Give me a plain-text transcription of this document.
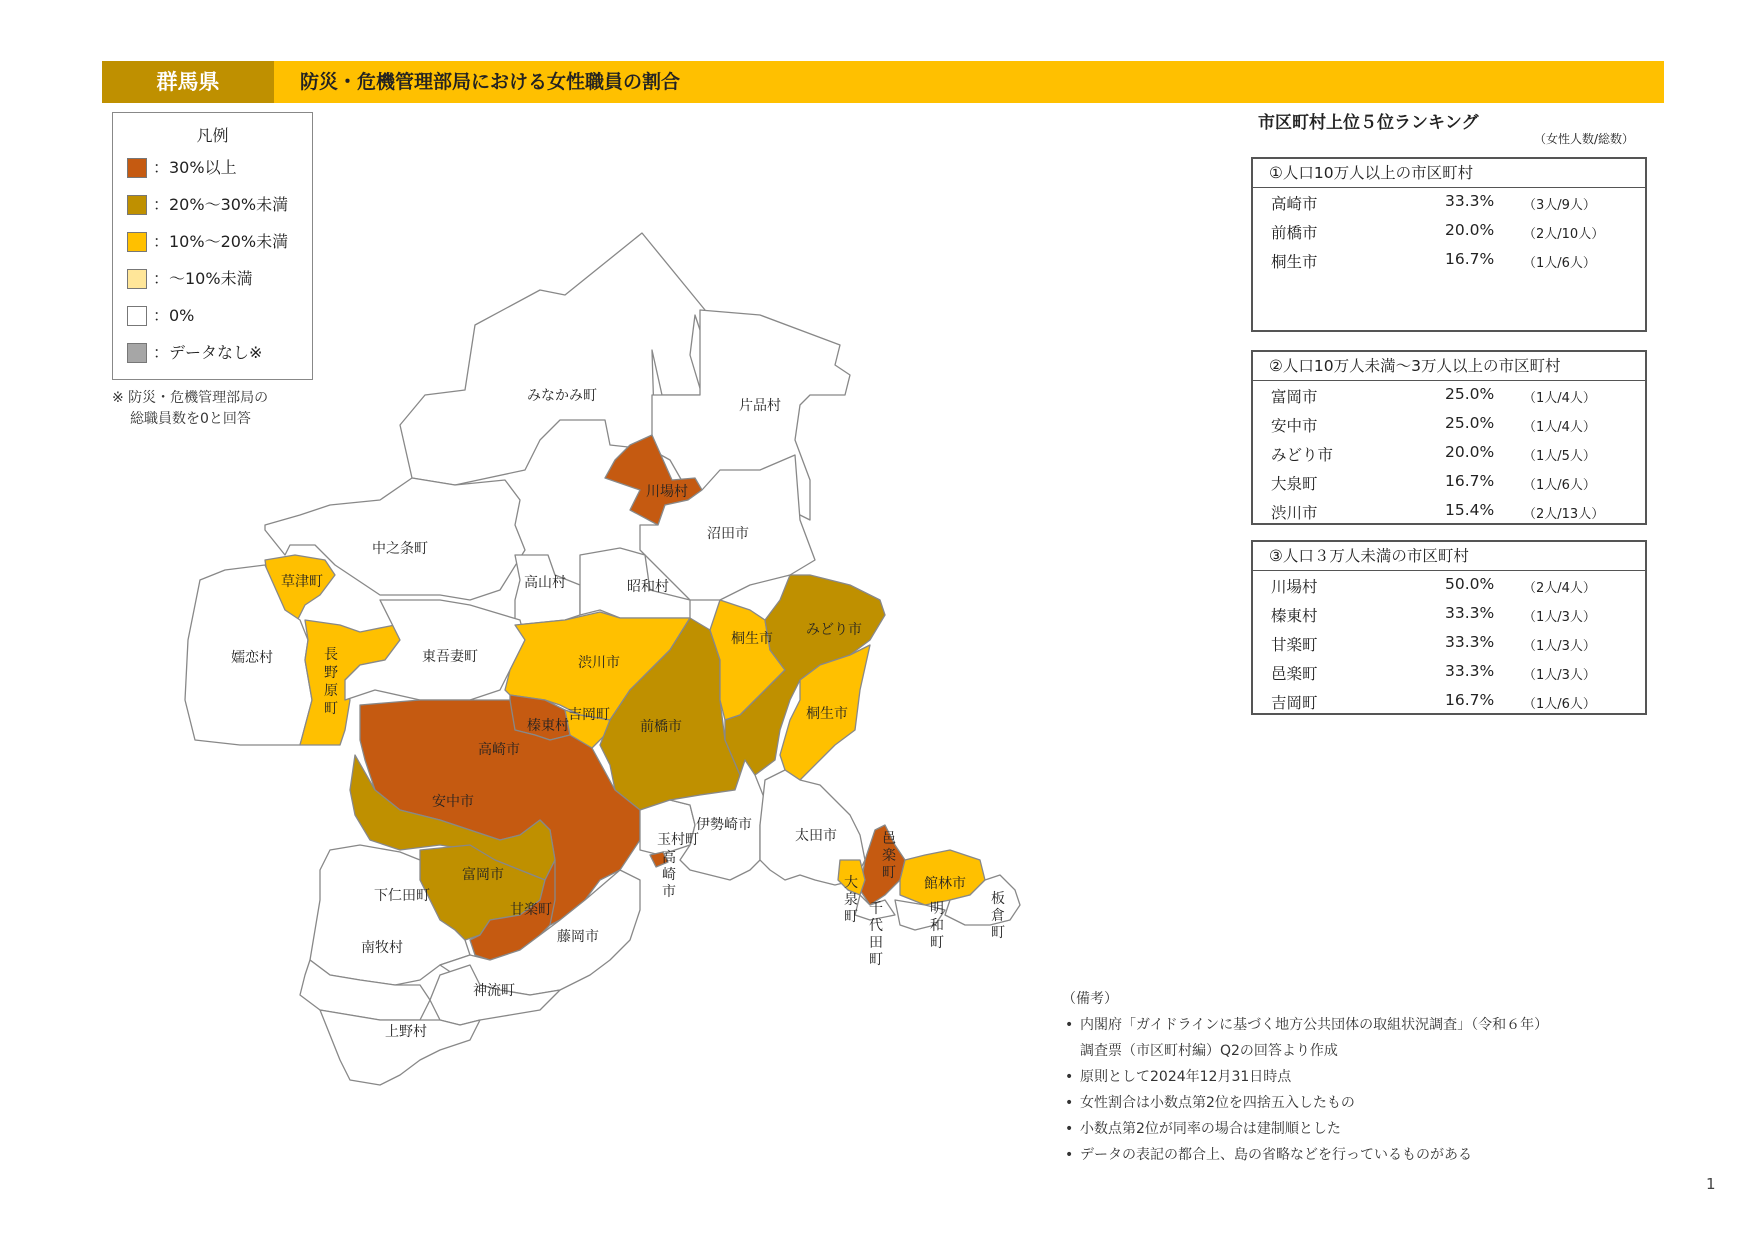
群馬県	防災・危機管理部局における女性職員の割合
凡例
：30%以上
：20%〜30%未満
：10%〜20%未満
：〜10%未満
：0%
：データなし※
※ 防災・危機管理部局の
総職員数を0と回答
みなかみ町
片品村
川場村
沼田市
中之条町
草津町	高山村	昭和村
嬬恋村	長
野
原
町
東吾妻町	渋川市
榛東村
吉岡町
前橋市
高崎市
桐生市
みどり市
桐生市
安中市
富岡市
甘楽町
下仁田町
南牧村
藤岡市
神流町
上野村
玉村町
高
崎
市
伊勢崎市
太田市	邑
楽
町
大
泉
町 千
代
田
町
館林市
明
和
町
板
倉
町
市区町村上位５位ランキング
（女性人数/総数）
①人口10万人以上の市区町村
高崎市	33.3% （3人/9人）
前橋市	20.0% （2人/10人）
桐生市	16.7% （1人/6人）
②人口10万人未満〜3万人以上の市区町村
富岡市	25.0% （1人/4人）
安中市	25.0% （1人/4人）
みどり市	20.0% （1人/5人）
大泉町	16.7% （1人/6人）
渋川市	15.4% （2人/13人）
③人口３万人未満の市区町村
川場村	50.0% （2人/4人）
榛東村	33.3% （1人/3人）
甘楽町	33.3% （1人/3人）
邑楽町	33.3% （1人/3人）
吉岡町	16.7% （1人/6人）
（備考）
• 内閣府「ガイドラインに基づく地方公共団体の取組状況調査」（令和６年）
調査票（市区町村編）Q2の回答より作成
• 原則として2024年12月31日時点
• 女性割合は小数点第2位を四捨五入したもの
• 小数点第2位が同率の場合は建制順とした
• データの表記の都合上、島の省略などを行っているものがある
1
